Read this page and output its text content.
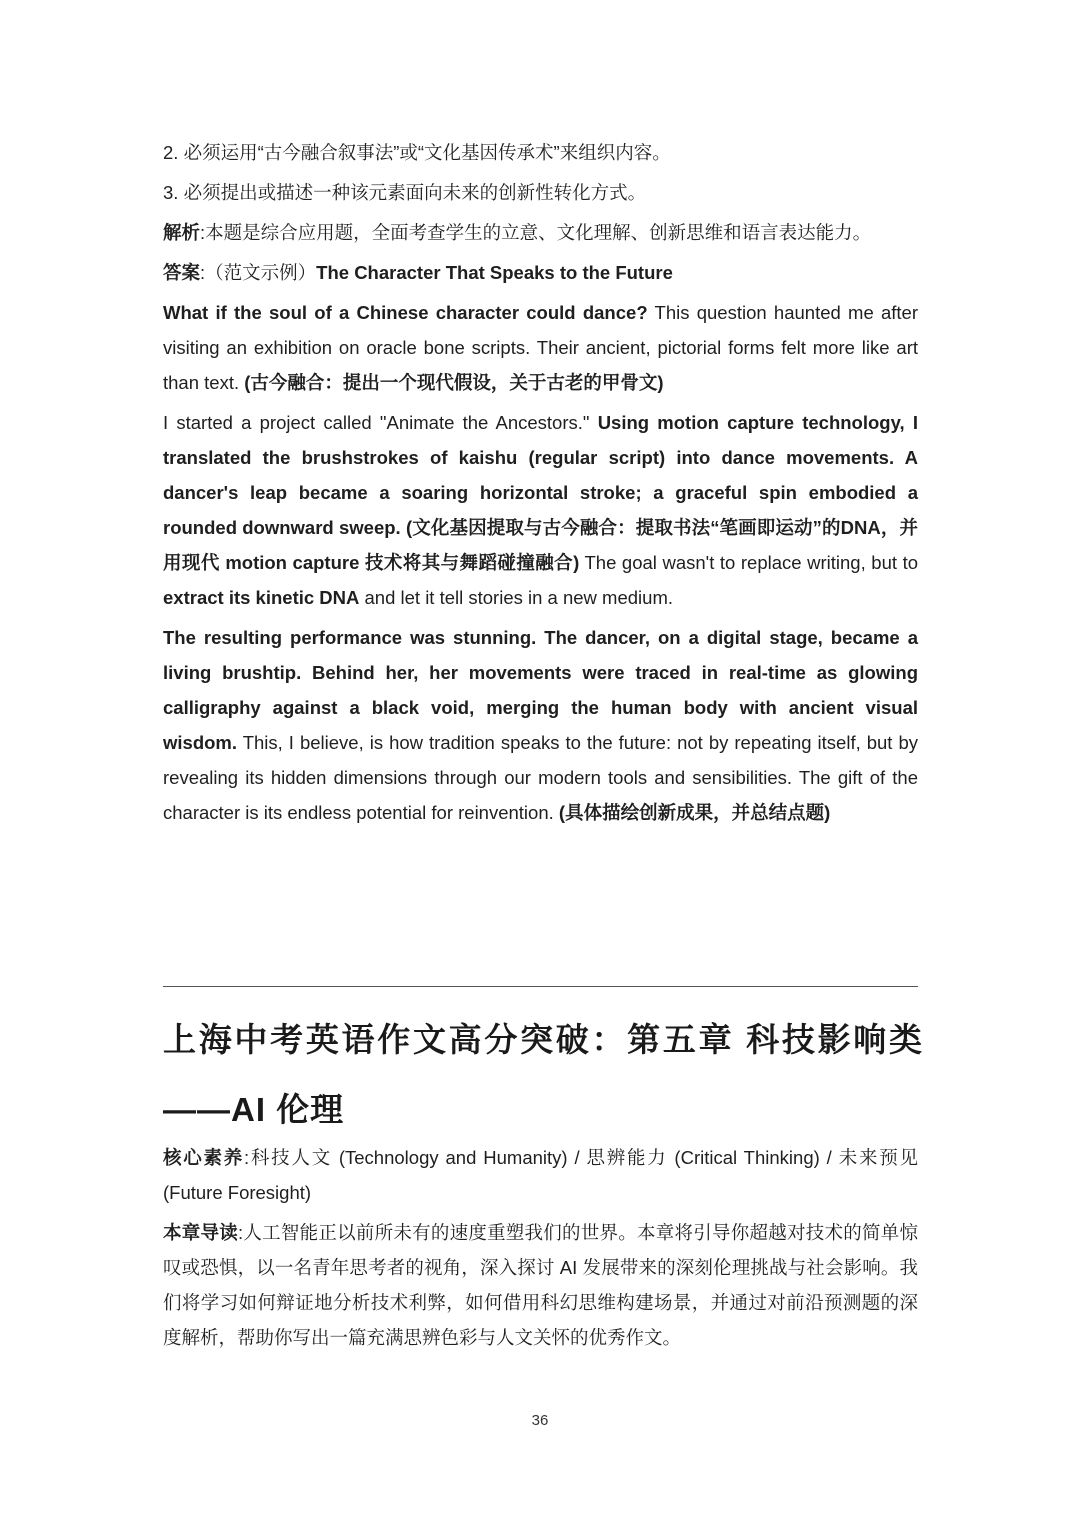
2. 必须运用“古今融合叙事法”或“文化基因传承术”来组织内容。

3. 必须提出或描述一种该元素面向未来的创新性转化方式。

解析:本题是综合应用题，全面考查学生的立意、文化理解、创新思维和语言表达能力。

答案:（范文示例）The Character That Speaks to the Future

What if the soul of a Chinese character could dance? This question haunted me after visiting an exhibition on oracle bone scripts. Their ancient, pictorial forms felt more like art than text. (古今融合：提出一个现代假设，关于古老的甲骨文)

I started a project called "Animate the Ancestors." Using motion capture technology, I translated the brushstrokes of kaishu (regular script) into dance movements. A dancer's leap became a soaring horizontal stroke; a graceful spin embodied a rounded downward sweep. (文化基因提取与古今融合：提取书法“笔画即运动”的DNA，并用现代 motion capture 技术将其与舞蹈碰撞融合) The goal wasn't to replace writing, but to extract its kinetic DNA and let it tell stories in a new medium.

The resulting performance was stunning. The dancer, on a digital stage, became a living brushtip. Behind her, her movements were traced in real-time as glowing calligraphy against a black void, merging the human body with ancient visual wisdom. This, I believe, is how tradition speaks to the future: not by repeating itself, but by revealing its hidden dimensions through our modern tools and sensibilities. The gift of the character is its endless potential for reinvention. (具体描绘创新成果，并总结点题)

上海中考英语作文高分突破：第五章 科技影响类
——AI 伦理

核心素养:科技人文 (Technology and Humanity) / 思辨能力 (Critical Thinking) / 未来预见 (Future Foresight)

本章导读:人工智能正以前所未有的速度重塑我们的世界。本章将引导你超越对技术的简单惊叹或恐惧，以一名青年思考者的视角，深入探讨 AI 发展带来的深刻伦理挑战与社会影响。我们将学习如何辩证地分析技术利弊，如何借用科幻思维构建场景，并通过对前沿预测题的深度解析，帮助你写出一篇充满思辨色彩与人文关怀的优秀作文。

36
